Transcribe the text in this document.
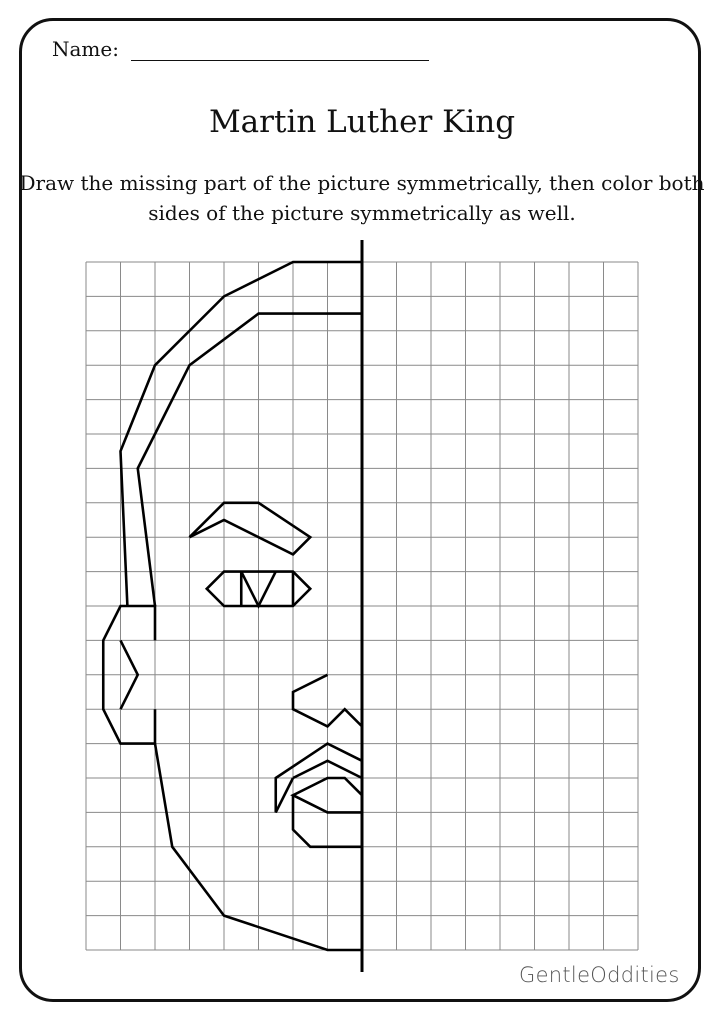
Name:
Martin Luther King
Draw the missing part of the picture symmetrically, then color both sides of the picture symmetrically as well.
GentleOddities
